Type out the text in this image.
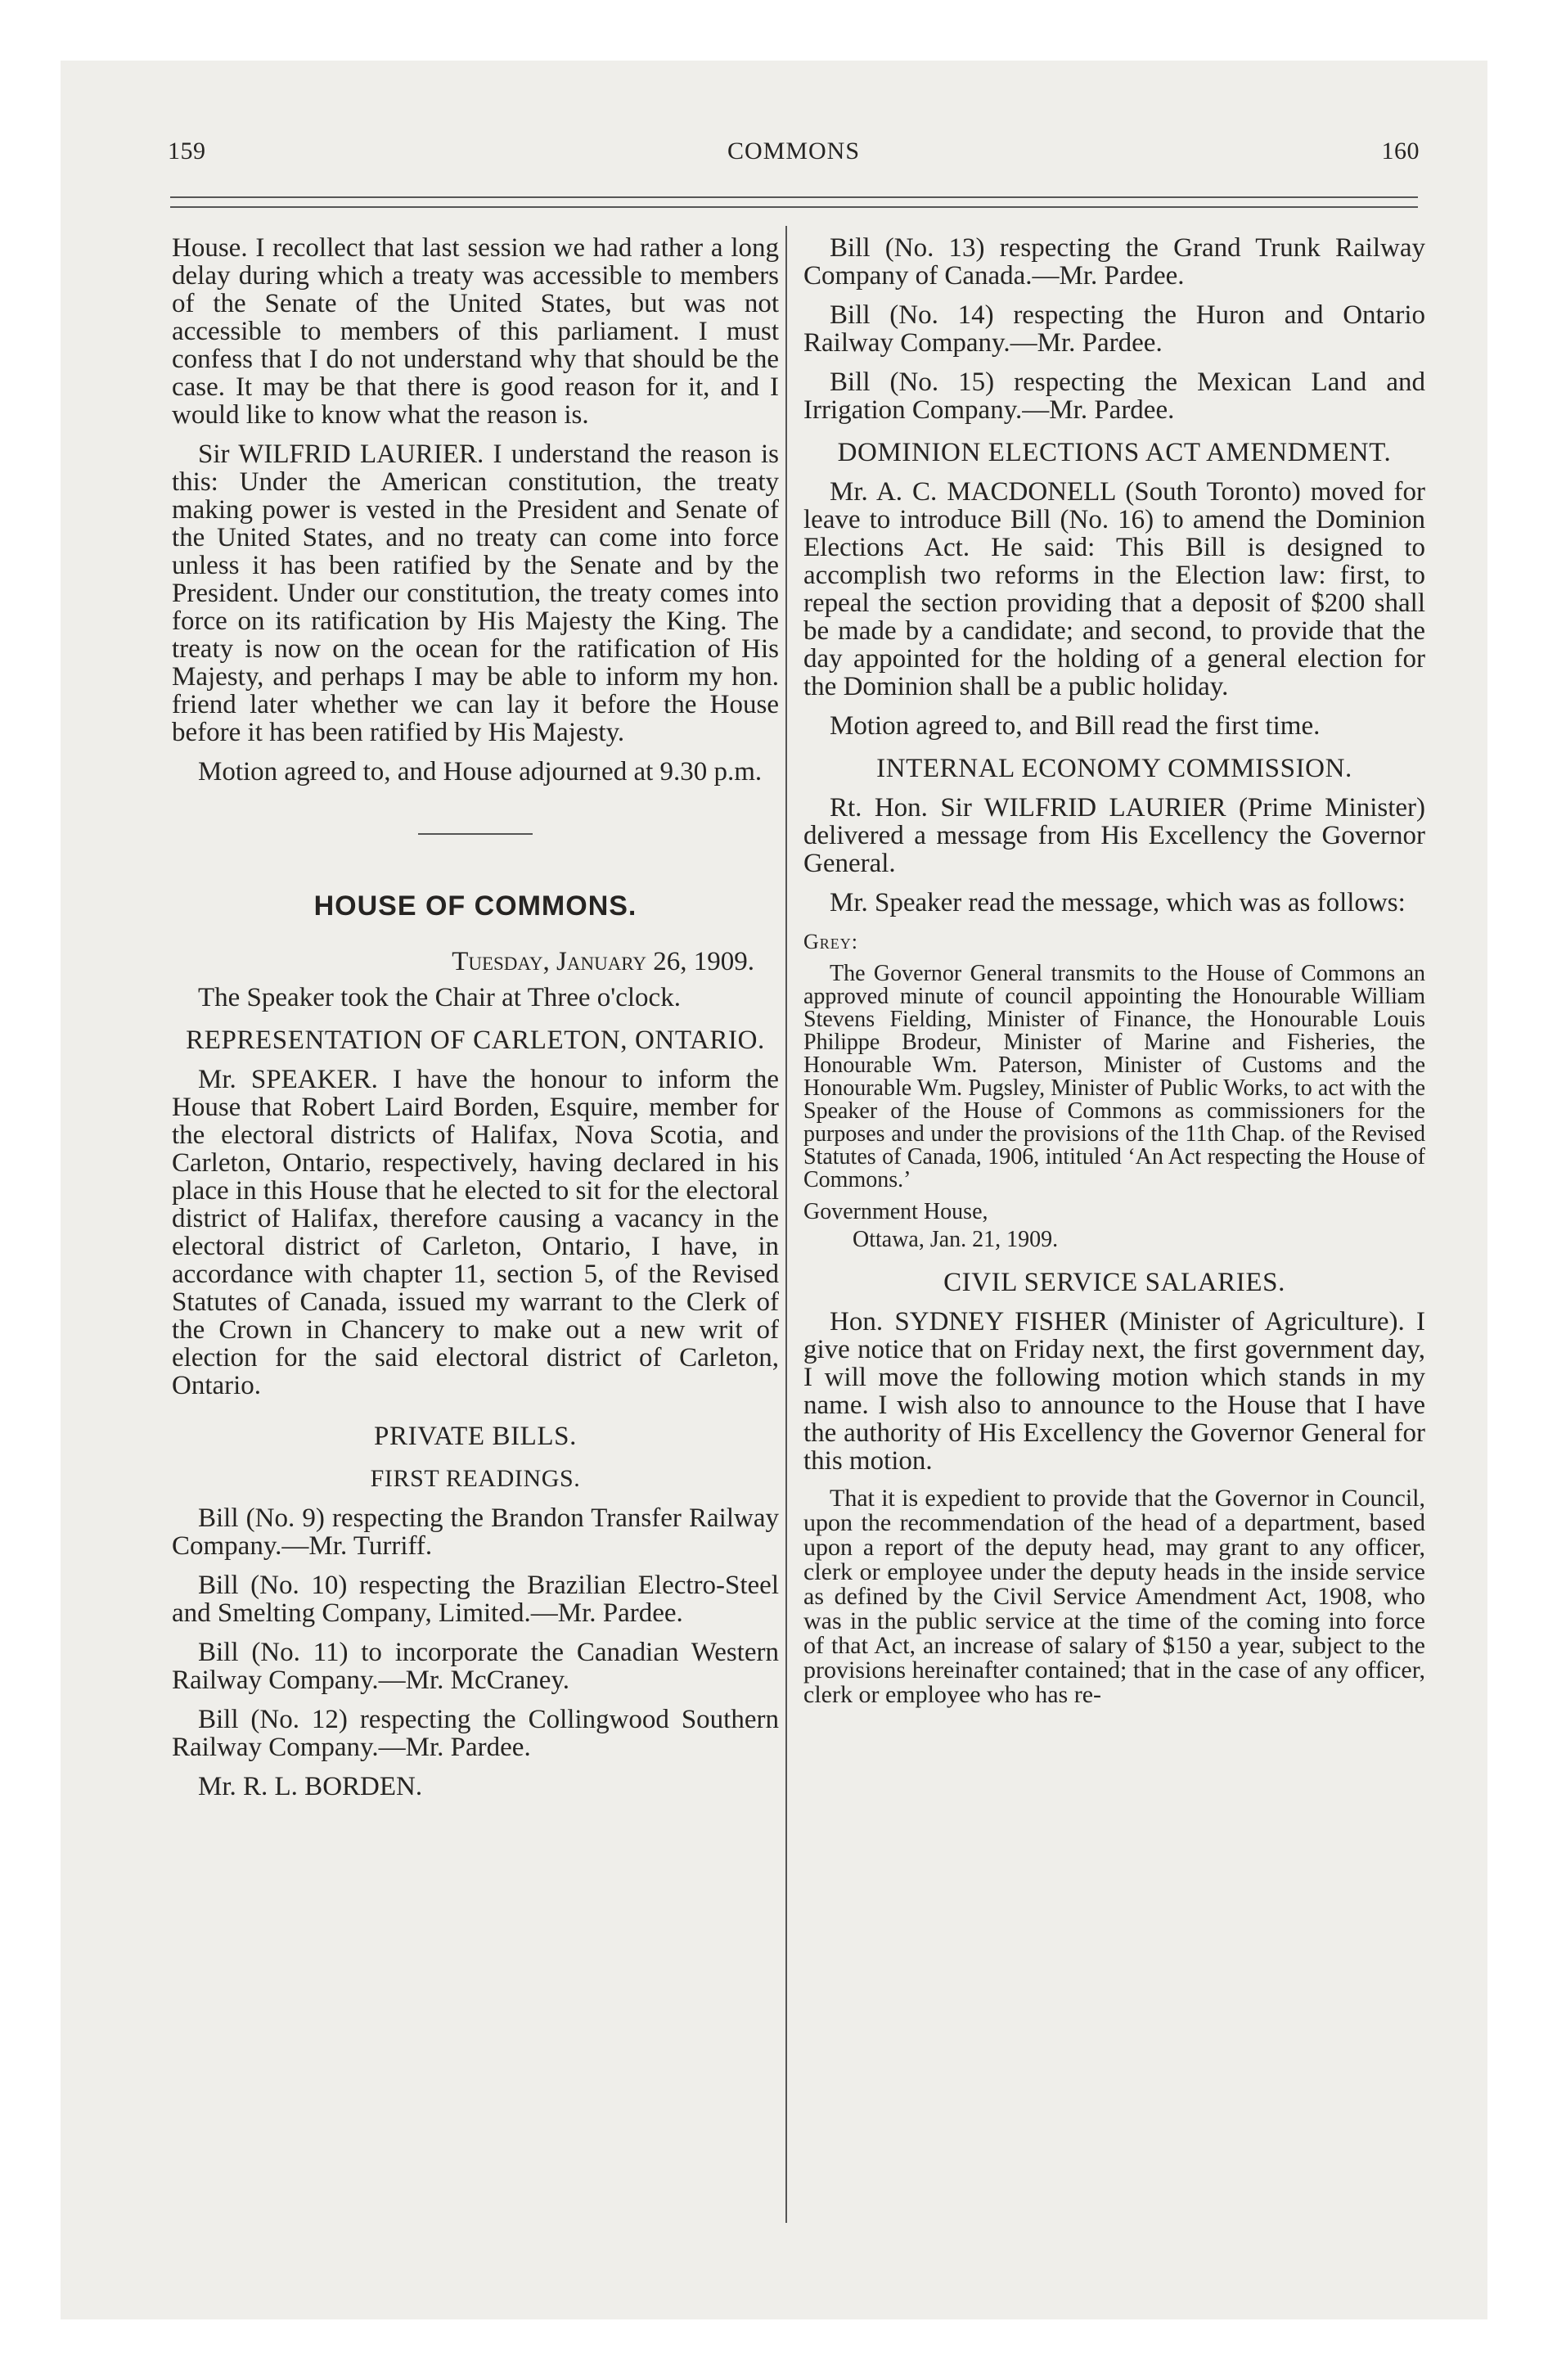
159	COMMONS	160

House. I recollect that last session we had rather a long delay during which a treaty was accessible to members of the Senate of the United States, but was not accessible to members of this parliament. I must confess that I do not understand why that should be the case. It may be that there is good reason for it, and I would like to know what the reason is.

Sir WILFRID LAURIER. I understand the reason is this: Under the American constitution, the treaty making power is vested in the President and Senate of the United States, and no treaty can come into force unless it has been ratified by the Senate and by the President. Under our constitution, the treaty comes into force on its ratification by His Majesty the King. The treaty is now on the ocean for the ratification of His Majesty, and perhaps I may be able to inform my hon. friend later whether we can lay it before the House before it has been ratified by His Majesty.

Motion agreed to, and House adjourned at 9.30 p.m.

HOUSE OF COMMONS.
Tuesday, January 26, 1909.

The Speaker took the Chair at Three o'clock.

REPRESENTATION OF CARLETON, ONTARIO.

Mr. SPEAKER. I have the honour to inform the House that Robert Laird Borden, Esquire, member for the electoral districts of Halifax, Nova Scotia, and Carleton, Ontario, respectively, having declared in his place in this House that he elected to sit for the electoral district of Halifax, therefore causing a vacancy in the electoral district of Carleton, Ontario, I have, in accordance with chapter 11, section 5, of the Revised Statutes of Canada, issued my warrant to the Clerk of the Crown in Chancery to make out a new writ of election for the said electoral district of Carleton, Ontario.

PRIVATE BILLS.
FIRST READINGS.

Bill (No. 9) respecting the Brandon Transfer Railway Company.—Mr. Turriff.

Bill (No. 10) respecting the Brazilian Electro-Steel and Smelting Company, Limited.—Mr. Pardee.

Bill (No. 11) to incorporate the Canadian Western Railway Company.—Mr. McCraney.

Bill (No. 12) respecting the Collingwood Southern Railway Company.—Mr. Pardee.

Mr. R. L. BORDEN.

Bill (No. 13) respecting the Grand Trunk Railway Company of Canada.—Mr. Pardee.

Bill (No. 14) respecting the Huron and Ontario Railway Company.—Mr. Pardee.

Bill (No. 15) respecting the Mexican Land and Irrigation Company.—Mr. Pardee.

DOMINION ELECTIONS ACT AMENDMENT.

Mr. A. C. MACDONELL (South Toronto) moved for leave to introduce Bill (No. 16) to amend the Dominion Elections Act. He said: This Bill is designed to accomplish two reforms in the Election law: first, to repeal the section providing that a deposit of $200 shall be made by a candidate; and second, to provide that the day appointed for the holding of a general election for the Dominion shall be a public holiday.

Motion agreed to, and Bill read the first time.

INTERNAL ECONOMY COMMISSION.

Rt. Hon. Sir WILFRID LAURIER (Prime Minister) delivered a message from His Excellency the Governor General.

Mr. Speaker read the message, which was as follows:

Grey:

The Governor General transmits to the House of Commons an approved minute of council appointing the Honourable William Stevens Fielding, Minister of Finance, the Honourable Louis Philippe Brodeur, Minister of Marine and Fisheries, the Honourable Wm. Paterson, Minister of Customs and the Honourable Wm. Pugsley, Minister of Public Works, to act with the Speaker of the House of Commons as commissioners for the purposes and under the provisions of the 11th Chap. of the Revised Statutes of Canada, 1906, intituled ‘An Act respecting the House of Commons.’

Government House,

Ottawa, Jan. 21, 1909.

CIVIL SERVICE SALARIES.

Hon. SYDNEY FISHER (Minister of Agriculture). I give notice that on Friday next, the first government day, I will move the following motion which stands in my name. I wish also to announce to the House that I have the authority of His Excellency the Governor General for this motion.

That it is expedient to provide that the Governor in Council, upon the recommendation of the head of a department, based upon a report of the deputy head, may grant to any officer, clerk or employee under the deputy heads in the inside service as defined by the Civil Service Amendment Act, 1908, who was in the public service at the time of the coming into force of that Act, an increase of salary of $150 a year, subject to the provisions hereinafter contained; that in the case of any officer, clerk or employee who has re-
